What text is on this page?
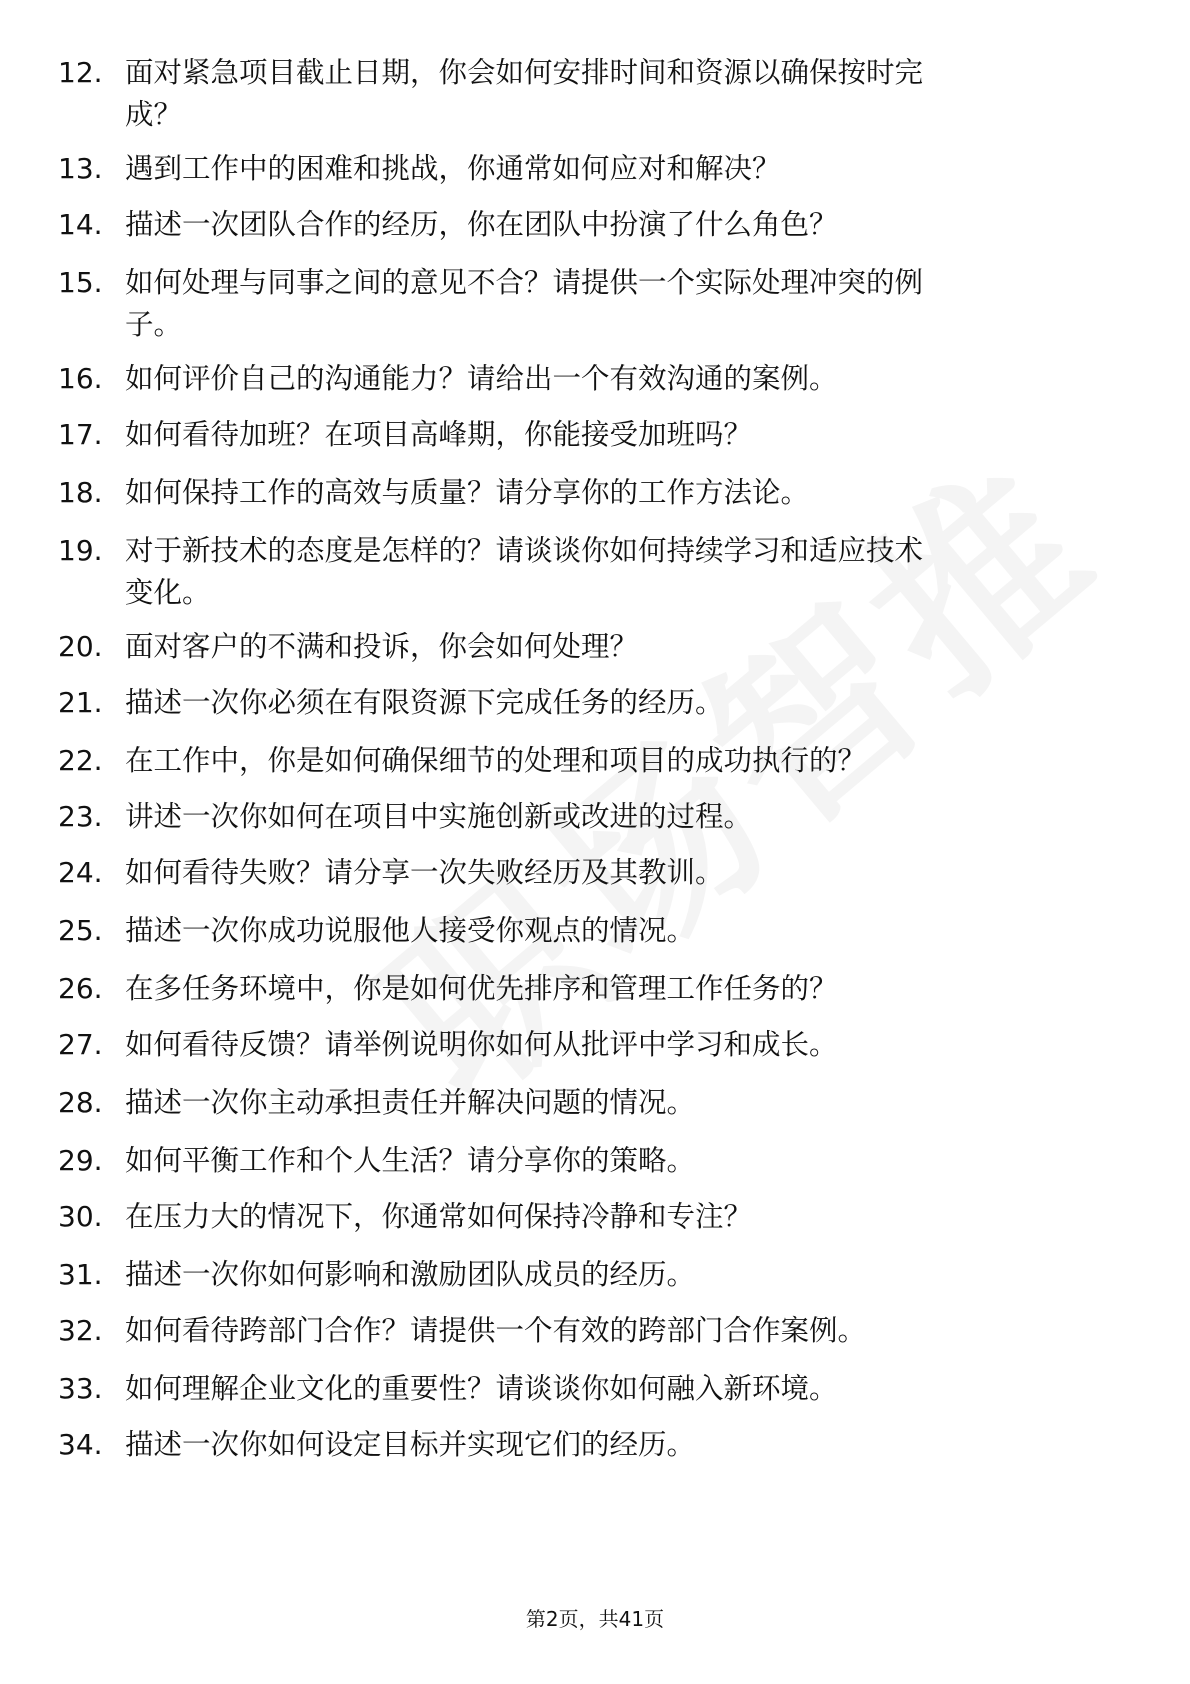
12. 面对紧急项目截止日期，你会如何安排时间和资源以确保按时完
成？
13. 遇到工作中的困难和挑战，你通常如何应对和解决？
14. 描述一次团队合作的经历，你在团队中扮演了什么角色？
15. 如何处理与同事之间的意见不合？请提供一个实际处理冲突的例
子。
16. 如何评价自己的沟通能力？请给出一个有效沟通的案例。
17. 如何看待加班？在项目高峰期，你能接受加班吗？
18. 如何保持工作的高效与质量？请分享你的工作方法论。
19. 对于新技术的态度是怎样的？请谈谈你如何持续学习和适应技术
变化。
20. 面对客户的不满和投诉，你会如何处理？
21. 描述一次你必须在有限资源下完成任务的经历。
22. 在工作中，你是如何确保细节的处理和项目的成功执行的？
23. 讲述一次你如何在项目中实施创新或改进的过程。
24. 如何看待失败？请分享一次失败经历及其教训。
25. 描述一次你成功说服他人接受你观点的情况。
26. 在多任务环境中，你是如何优先排序和管理工作任务的？
27. 如何看待反馈？请举例说明你如何从批评中学习和成长。
28. 描述一次你主动承担责任并解决问题的情况。
29. 如何平衡工作和个人生活？请分享你的策略。
30. 在压力大的情况下，你通常如何保持冷静和专注？
31. 描述一次你如何影响和激励团队成员的经历。
32. 如何看待跨部门合作？请提供一个有效的跨部门合作案例。
33. 如何理解企业文化的重要性？请谈谈你如何融入新环境。
34. 描述一次你如何设定目标并实现它们的经历。
第2页，共41页
